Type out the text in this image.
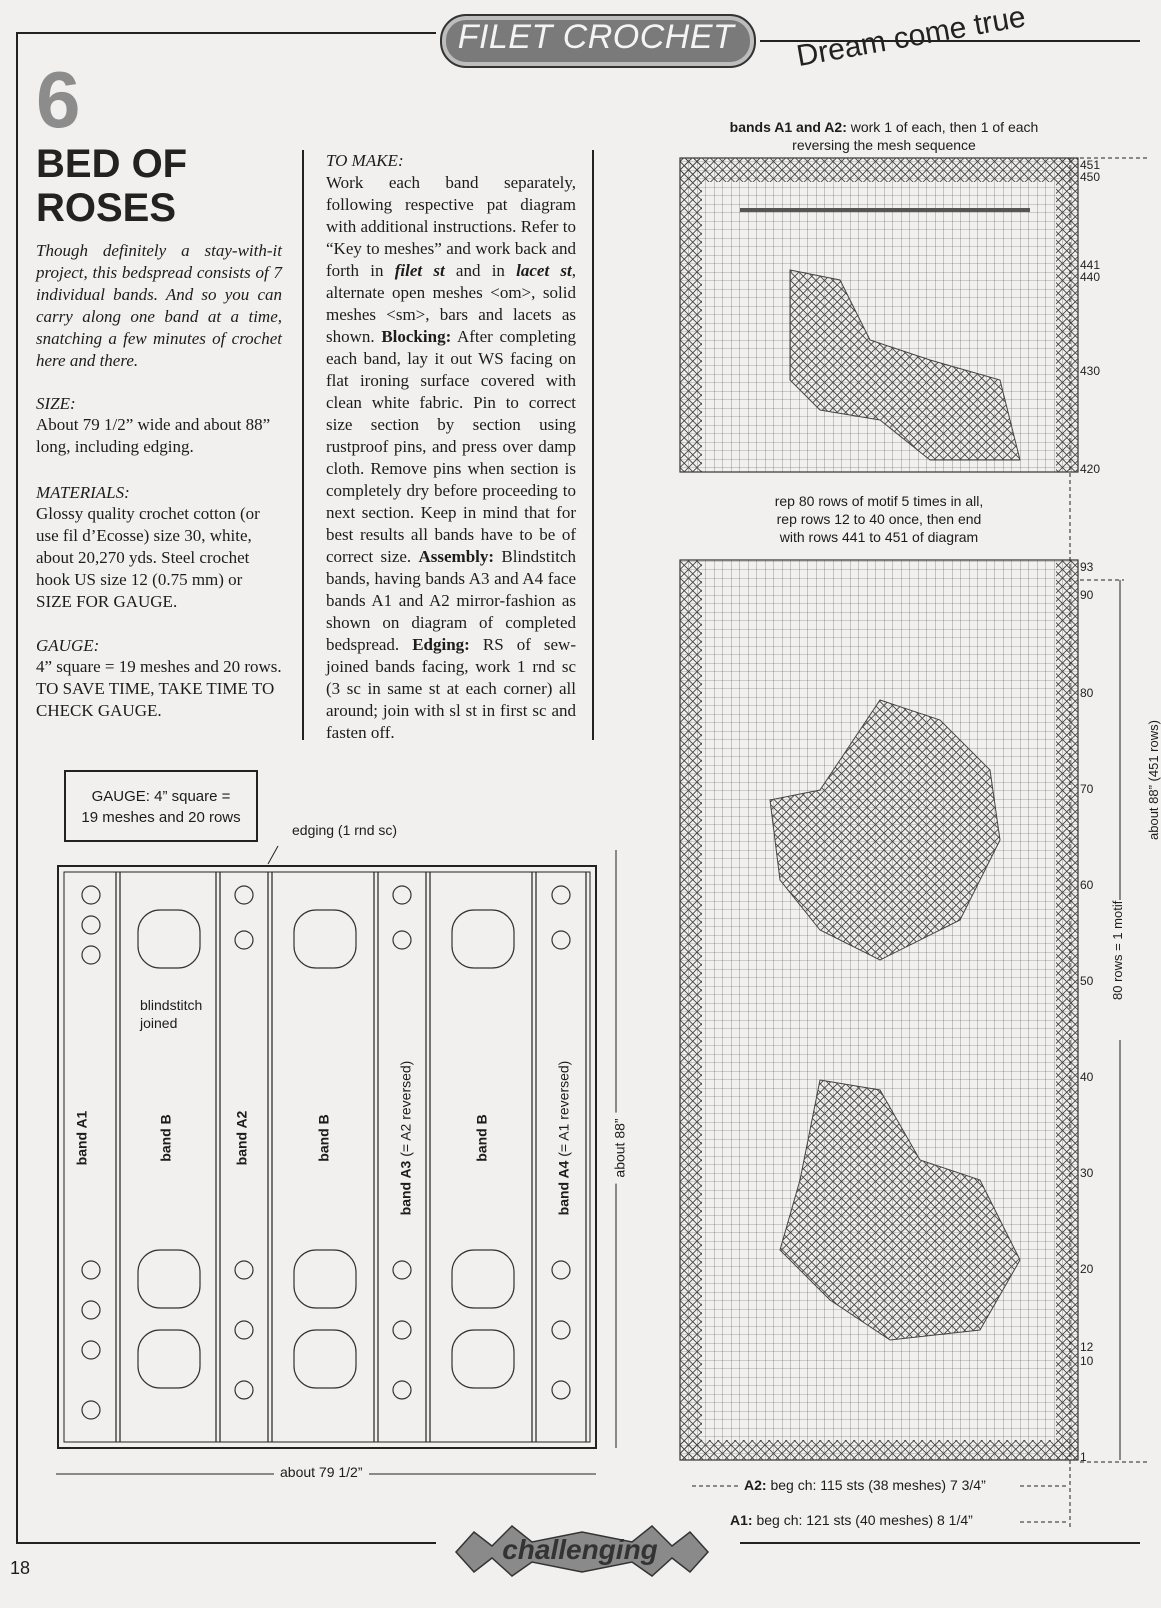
FILET CROCHET	Dream come true
6
BED OF
ROSES
Though definitely a stay-with-it project, this bedspread consists of 7 individual bands. And so you can carry along one band at a time, snatching a few minutes of crochet here and there.
SIZE:
About 79 1/2” wide and about 88” long, including edging.
MATERIALS:
Glossy quality crochet cotton (or use fil d’Ecosse) size 30, white, about 20,270 yds. Steel crochet hook US size 12 (0.75 mm) or SIZE FOR GAUGE.
GAUGE:
4” square = 19 meshes and 20 rows. TO SAVE TIME, TAKE TIME TO CHECK GAUGE.
TO MAKE:
Work each band separately, following respective pat diagram with additional instructions. Refer to “Key to meshes” and work back and forth in filet st and in lacet st, alternate open meshes <om>, solid meshes <sm>, bars and lacets as shown. Blocking: After completing each band, lay it out WS facing on flat ironing surface covered with clean white fabric. Pin to correct size section by section using rustproof pins, and press over damp cloth. Remove pins when section is completely dry before proceeding to next section. Keep in mind that for best results all bands have to be of correct size. Assembly: Blindstitch bands, having bands A3 and A4 face bands A1 and A2 mirror-fashion as shown on diagram of completed bedspread. Edging: RS of sew-joined bands facing, work 1 rnd sc (3 sc in same st at each corner) all around; join with sl st in first sc and fasten off.
GAUGE: 4” square =
19 meshes and 20 rows
edging (1 rnd sc)
blindstitch
joined
band A1	band B	band A2	band B
band A3 (= A2 reversed)	band B
band A4 (= A1 reversed)
about 79 1/2”
about 88”
bands A1 and A2: work 1 of each, then 1 of each reversing the mesh sequence
rep 80 rows of motif 5 times in all,
rep rows 12 to 40 once, then end
with rows 441 to 451 of diagram
451
450
441
440
430
420
93
90
80
70
60
50
40
30
20
12
10
1
80 rows = 1 motif
about 88” (451 rows)
A2: beg ch: 115 sts (38 meshes) 7 3/4”
A1: beg ch: 121 sts (40 meshes) 8 1/4”
18
challenging
